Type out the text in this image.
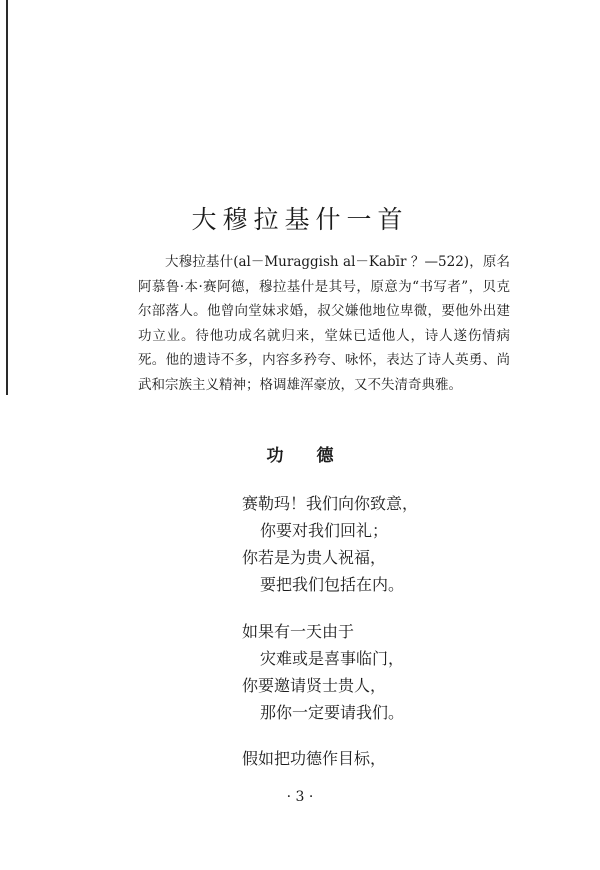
大穆拉基什一首

大穆拉基什(al－Muraggish al－Kabīr ？—522)，原名阿慕鲁·本·赛阿德，穆拉基什是其号，原意为“书写者”，贝克尔部落人。他曾向堂妹求婚，叔父嫌他地位卑微，要他外出建功立业。待他功成名就归来，堂妹已适他人，诗人遂伤情病死。他的遗诗不多，内容多矜夸、咏怀，表达了诗人英勇、尚武和宗族主义精神；格调雄浑豪放，又不失清奇典雅。

功 德
赛勒玛！我们向你致意，
你要对我们回礼；
你若是为贵人祝福，
要把我们包括在内。
如果有一天由于
灾难或是喜事临门，
你要邀请贤士贵人，
那你一定要请我们。
假如把功德作目标，
· 3 ·
